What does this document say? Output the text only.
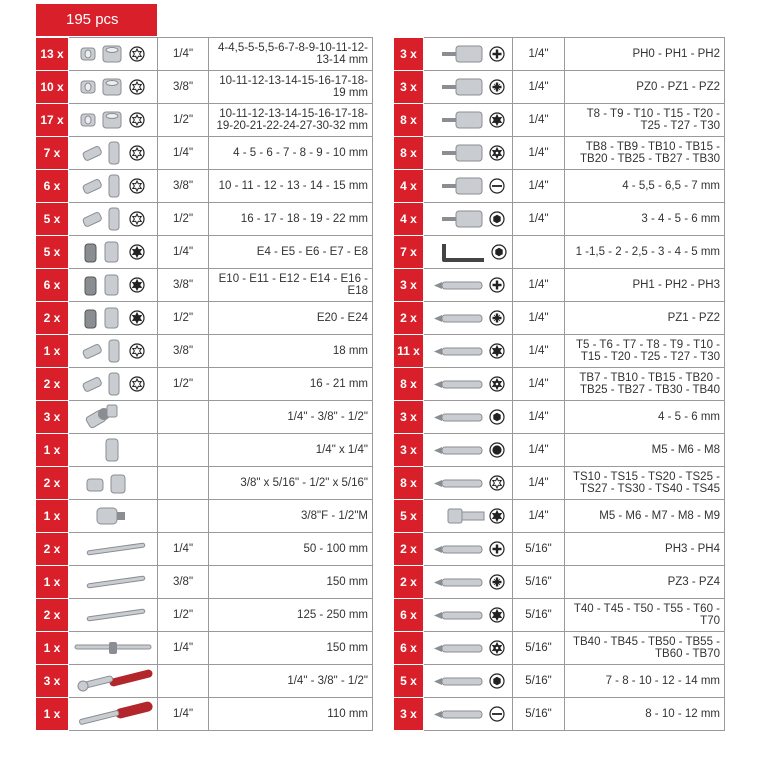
195 pcs
13 x		1/4"	4-4,5-5-5,5-6-7-8-9-10-11-12-13-14 mm
10 x		3/8"	10-11-12-13-14-15-16-17-18-19 mm
17 x		1/2"	10-11-12-13-14-15-16-17-18-19-20-21-22-24-27-30-32 mm
7 x		1/4"	4 - 5 - 6 - 7 - 8 - 9 - 10 mm
6 x		3/8"	10 - 11 - 12 - 13 - 14 - 15 mm
5 x		1/2"	16 - 17 - 18 - 19 - 22 mm
5 x		1/4"	E4 - E5 - E6 - E7 - E8
6 x		3/8"	E10 - E11 - E12 - E14 - E16 - E18
2 x		1/2"	E20 - E24
1 x		3/8"	18 mm
2 x		1/2"	16 - 21 mm
3 x			1/4" - 3/8" - 1/2"
1 x			1/4" x 1/4"
2 x			3/8" x 5/16" - 1/2" x 5/16"
1 x			3/8"F - 1/2"M
2 x		1/4"	50 - 100 mm
1 x		3/8"	150 mm
2 x		1/2"	125 - 250 mm
1 x		1/4"	150 mm
3 x			1/4" - 3/8" - 1/2"
1 x		1/4"	110 mm
3 x		1/4"	PH0 - PH1 - PH2
3 x		1/4"	PZ0 - PZ1 - PZ2
8 x		1/4"	T8 - T9 - T10 - T15 - T20 - T25 - T27 - T30
8 x		1/4"	TB8 - TB9 - TB10 - TB15 - TB20 - TB25 - TB27 - TB30
4 x		1/4"	4 - 5,5 - 6,5 - 7 mm
4 x		1/4"	3 - 4 - 5 - 6 mm
7 x			1 -1,5 - 2 - 2,5 - 3 - 4 - 5 mm
3 x		1/4"	PH1 - PH2 - PH3
2 x		1/4"	PZ1 - PZ2
11 x		1/4"	T5 - T6 - T7 - T8 - T9 - T10 - T15 - T20 - T25 - T27 - T30
8 x		1/4"	TB7 - TB10 - TB15 - TB20 - TB25 - TB27 - TB30 - TB40
3 x		1/4"	4 - 5 - 6 mm
3 x		1/4"	M5 - M6 - M8
8 x		1/4"	TS10 - TS15 - TS20 - TS25 - TS27 - TS30 - TS40 - TS45
5 x		1/4"	M5 - M6 - M7 - M8 - M9
2 x		5/16"	PH3 - PH4
2 x		5/16"	PZ3 - PZ4
6 x		5/16"	T40 - T45 - T50 - T55 - T60 - T70
6 x		5/16"	TB40 - TB45 - TB50 - TB55 - TB60 - TB70
5 x		5/16"	7 - 8 - 10 - 12 - 14 mm
3 x		5/16"	8 - 10 - 12 mm
